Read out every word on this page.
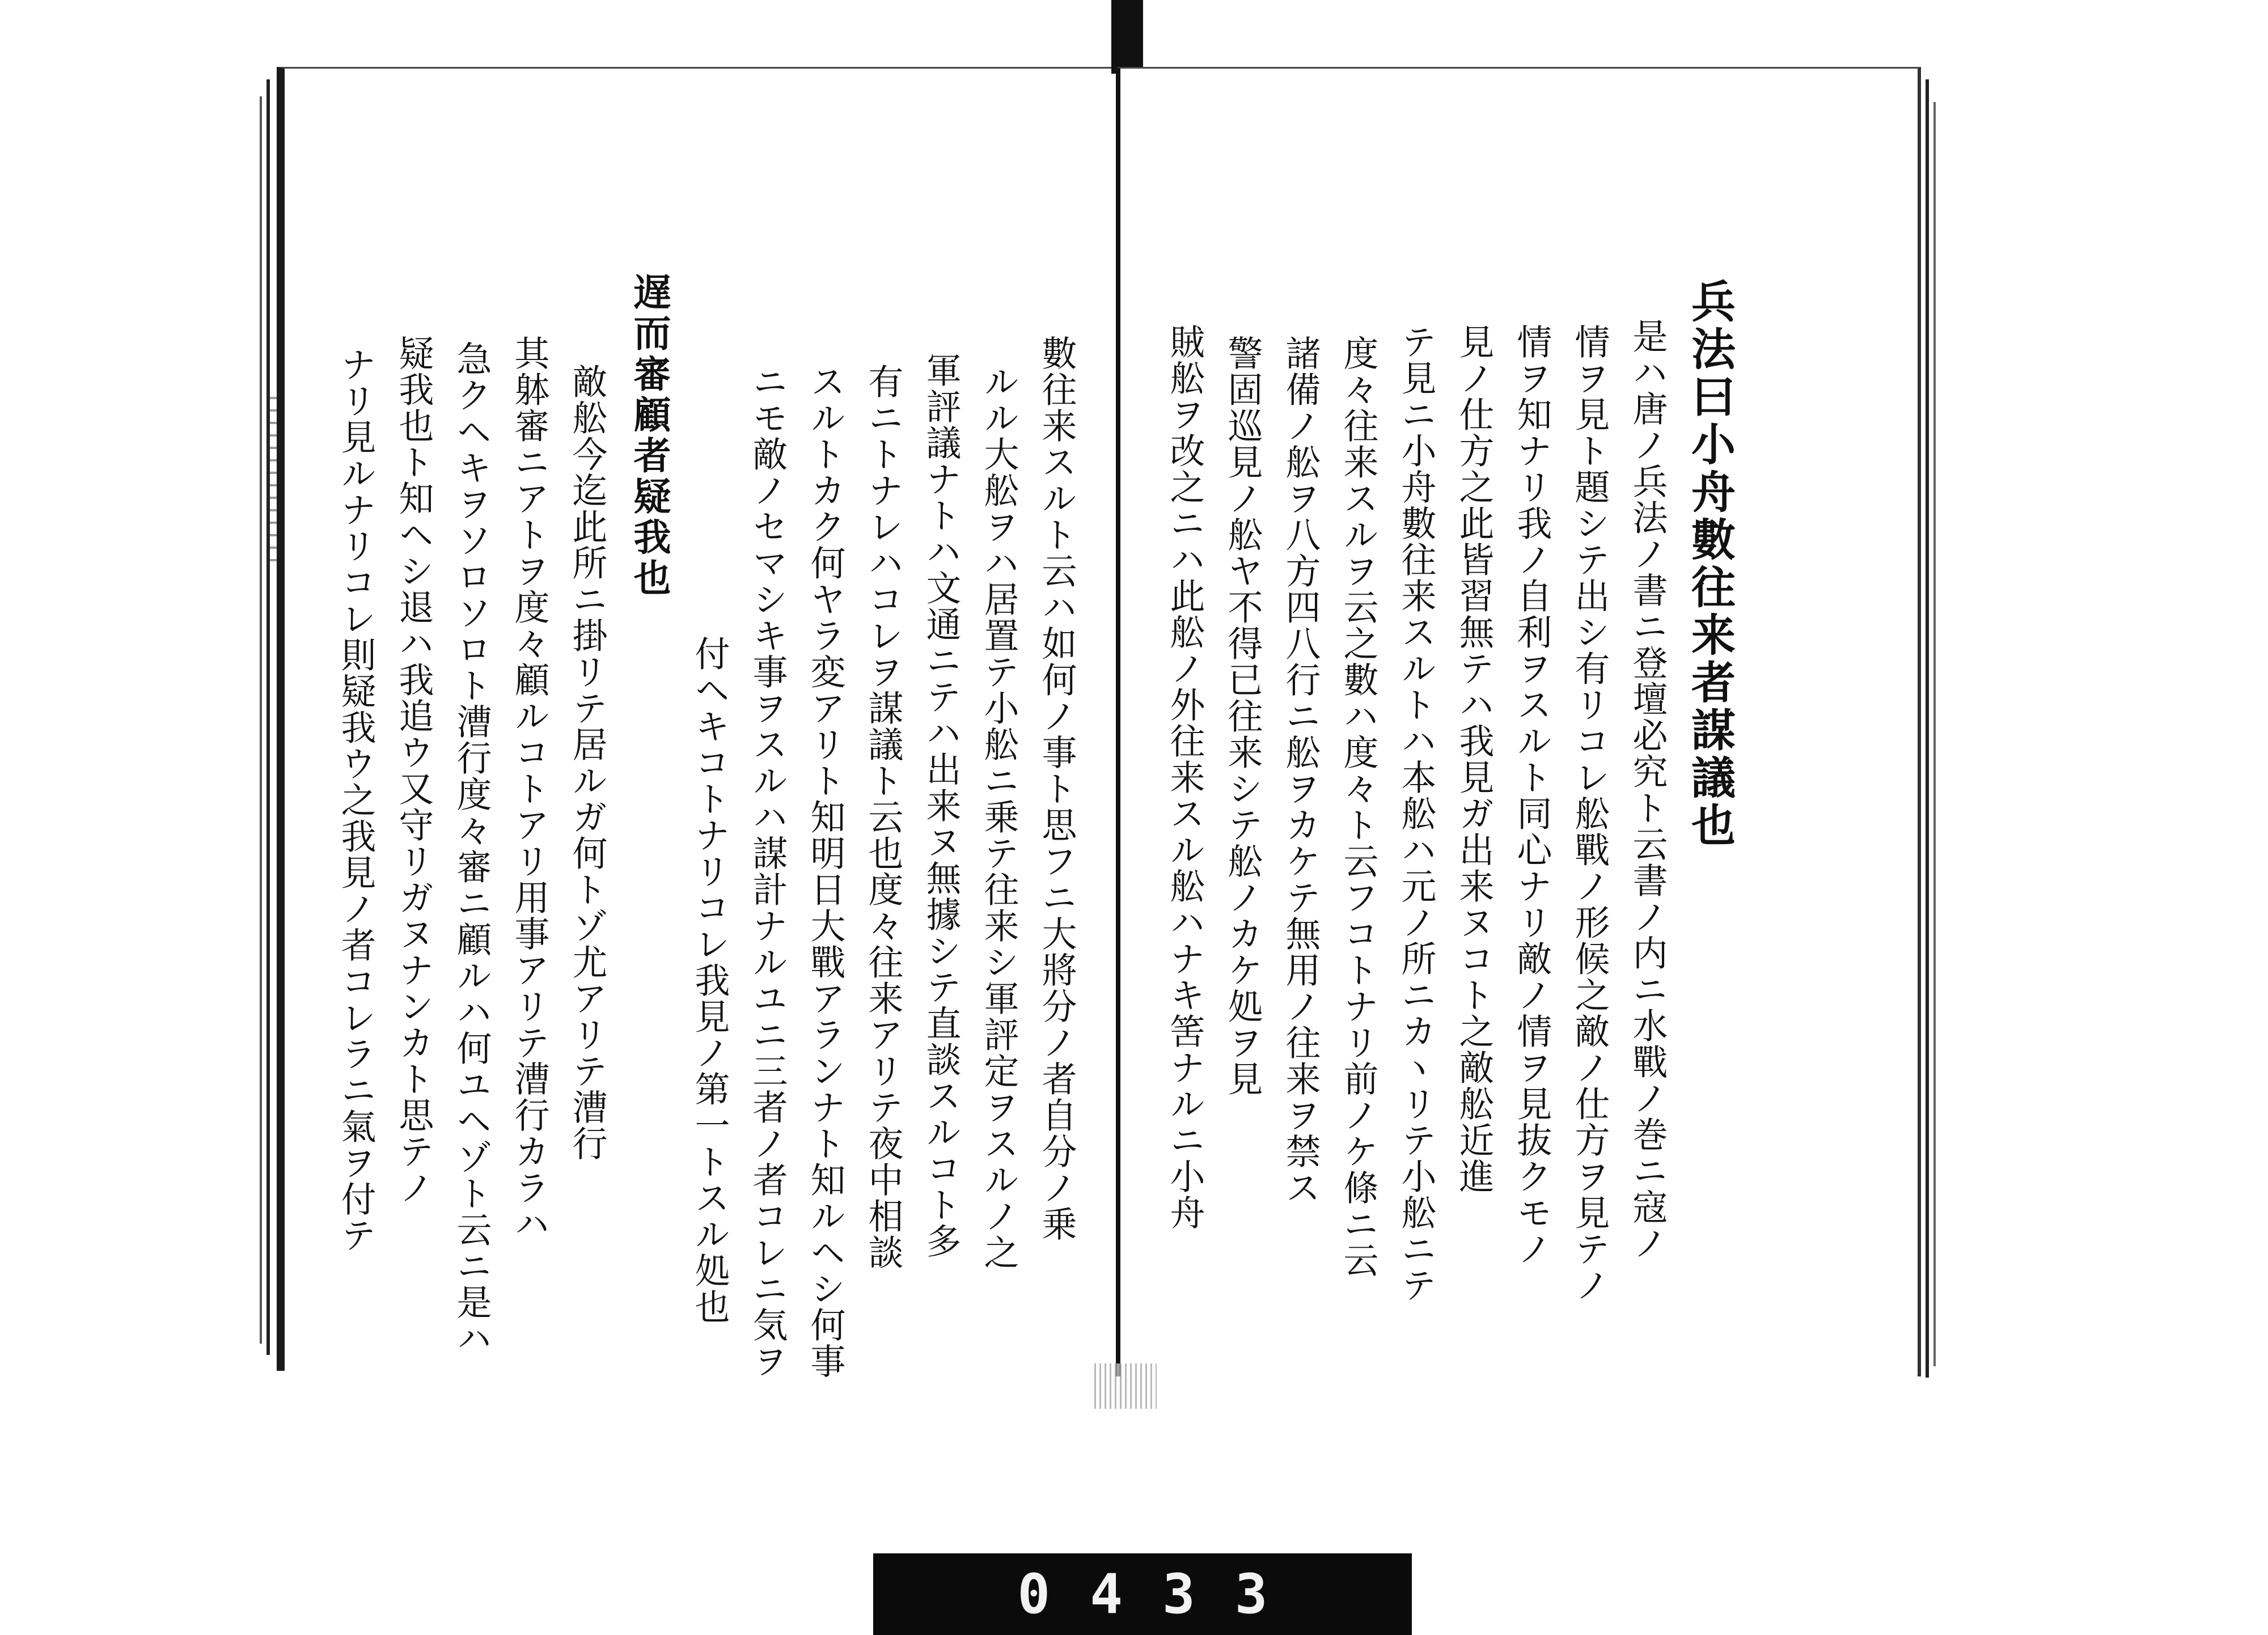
數往来スルト云ハ如何ノ事ト思フニ大將分ノ者自分ノ乗
ルル大舩ヲハ居置テ小舩ニ乗テ往来シ軍評定ヲスルノ之
軍評議ナトハ文通ニテハ出来ヌ無據シテ直談スルコト多
有ニトナレハコレヲ謀議ト云也度々往来アリテ夜中相談
スルトカク何ヤラ変アリト知明日大戰アランナト知ルヘシ何事
ニモ敵ノセマシキ事ヲスルハ謀計ナルユニ三者ノ者コレニ気ヲ
付ヘキコトナリコレ我見ノ第一トスル処也
遅而審顧者疑我也
敵舩今迄此所ニ掛リテ居ルガ何トゾ尤アリテ漕行
其躰審ニアトヲ度々顧ルコトアリ用事アリテ漕行カラハ
急クヘキヲソロソロト漕行度々審ニ顧ルハ何ユヘゾト云ニ是ハ
疑我也ト知ヘシ退ハ我追ウ又守リガヌナンカト思テノ
ナリ見ルナリコレ則疑我ウ之我見ノ者コレラニ氣ヲ付テ	兵法曰小舟數往来者謀議也
是ハ唐ノ兵法ノ書ニ登壇必究ト云書ノ内ニ水戰ノ巻ニ寇ノ
情ヲ見ト題シテ出シ有リコレ舩戰ノ形候之敵ノ仕方ヲ見テノ
情ヲ知ナリ我ノ自利ヲスルト同心ナリ敵ノ情ヲ見抜クモノ
見ノ仕方之此皆習無テハ我見ガ出来ヌコト之敵舩近進
テ見ニ小舟數往来スルトハ本舩ハ元ノ所ニカヽリテ小舩ニテ
度々往来スルヲ云之數ハ度々ト云フコトナリ前ノケ條ニ云
諸備ノ舩ヲ八方四八行ニ舩ヲカケテ無用ノ往来ヲ禁ス
警固巡見ノ舩ヤ不得已往来シテ舩ノカケ処ヲ見
賊舩ヲ改之ニハ此舩ノ外往来スル舩ハナキ筈ナルニ小舟
0 4 3 3
